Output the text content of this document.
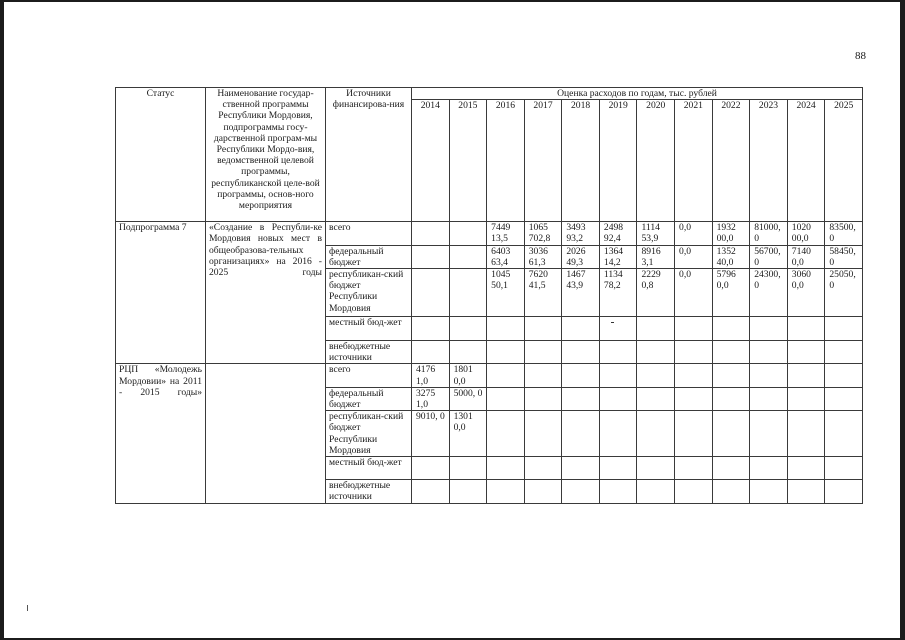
88
Статус	Наименование государ-ственной программы Республики Мордовия, подпрограммы госу-дарственной програм-мы Республики Мордо-вия, ведомственной целевой программы, республиканской целе-вой программы, основ-ного мероприятия	Источники финансирова-ния	Оценка расходов по годам, тыс. рублей											
			2014	2015	2016	2017	2018	2019	2020	2021	2022	2023	2024	2025
Подпрограмма 7	«Создание в Республи-ке Мордовия новых мест в общеобразова-тельных организациях» на 2016 - 2025 годы	всего			7449 13,5	1065 702,8	3493 93,2	2498 92,4	1114 53,9	0,0	1932 00,0	81000, 0	1020 00,0	83500, 0
		федеральный бюджет			6403 63,4	3036 61,3	2026 49,3	1364 14,2	8916 3,1	0,0	1352 40,0	56700, 0	7140 0,0	58450, 0
		республикан-ский бюджет Республики Мордовия			1045 50,1	7620 41,5	1467 43,9	1134 78,2	2229 0,8	0,0	5796 0,0	24300, 0	3060 0,0	25050, 0
		местный бюд-жет												
		внебюджетные источники												
РЦП «Молодежь Мордовии» на 2011 - 2015 годы»		всего	4176 1,0	1801 0,0										
		федеральный бюджет	3275 1,0	5000, 0										
		республикан-ский бюджет Республики Мордовия	9010, 0	1301 0,0										
		местный бюд-жет												
		внебюджетные источники												
